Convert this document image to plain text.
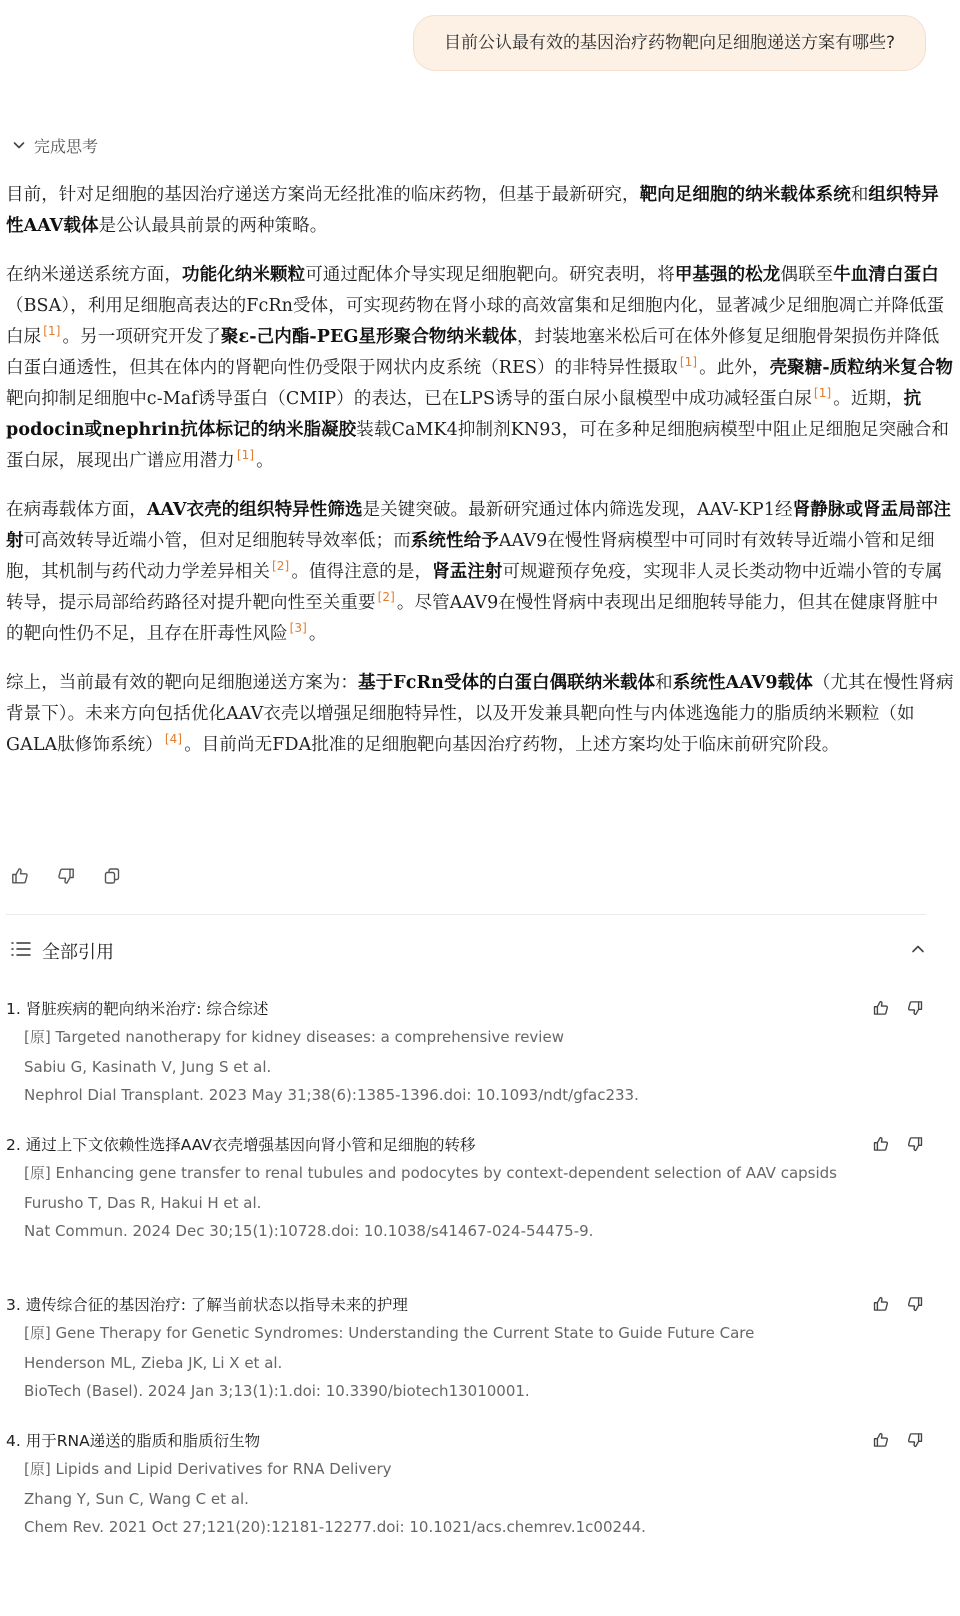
目前公认最有效的基因治疗药物靶向足细胞递送方案有哪些?
完成思考

目前，针对足细胞的基因治疗递送方案尚无经批准的临床药物，但基于最新研究，靶向足细胞的纳米载体系统和组织特异性AAV载体是公认最具前景的两种策略。

在纳米递送系统方面，功能化纳米颗粒可通过配体介导实现足细胞靶向。研究表明，将甲基强的松龙偶联至牛血清白蛋白（BSA），利用足细胞高表达的FcRn受体，可实现药物在肾小球的高效富集和足细胞内化，显著减少足细胞凋亡并降低蛋白尿 [1] 。另一项研究开发了聚ε-己内酯-PEG星形聚合物纳米载体，封装地塞米松后可在体外修复足细胞骨架损伤并降低白蛋白通透性，但其在体内的肾靶向性仍受限于网状内皮系统（RES）的非特异性摄取 [1] 。此外，壳聚糖-质粒纳米复合物靶向抑制足细胞中c-Maf诱导蛋白（CMIP）的表达，已在LPS诱导的蛋白尿小鼠模型中成功减轻蛋白尿 [1] 。近期，抗podocin或nephrin抗体标记的纳米脂凝胶装载CaMK4抑制剂KN93，可在多种足细胞病模型中阻止足细胞足突融合和蛋白尿，展现出广谱应用潜力 [1] 。

在病毒载体方面，AAV衣壳的组织特异性筛选是关键突破。最新研究通过体内筛选发现，AAV-KP1经肾静脉或肾盂局部注射可高效转导近端小管，但对足细胞转导效率低；而系统性给予AAV9在慢性肾病模型中可同时有效转导近端小管和足细胞，其机制与药代动力学差异相关 [2] 。值得注意的是，肾盂注射可规避预存免疫，实现非人灵长类动物中近端小管的专属转导，提示局部给药路径对提升靶向性至关重要 [2] 。尽管AAV9在慢性肾病中表现出足细胞转导能力，但其在健康肾脏中的靶向性仍不足，且存在肝毒性风险 [3] 。

综上，当前最有效的靶向足细胞递送方案为：基于FcRn受体的白蛋白偶联纳米载体和系统性AAV9载体（尤其在慢性肾病背景下）。未来方向包括优化AAV衣壳以增强足细胞特异性，以及开发兼具靶向性与内体逃逸能力的脂质纳米颗粒（如GALA肽修饰系统） [4] 。目前尚无FDA批准的足细胞靶向基因治疗药物，上述方案均处于临床前研究阶段。

全部引用
1. 肾脏疾病的靶向纳米治疗: 综合综述
[原] Targeted nanotherapy for kidney diseases: a comprehensive review
Sabiu G, Kasinath V, Jung S et al.
Nephrol Dial Transplant. 2023 May 31;38(6):1385-1396.doi: 10.1093/ndt/gfac233.
2. 通过上下文依赖性选择AAV衣壳增强基因向肾小管和足细胞的转移
[原] Enhancing gene transfer to renal tubules and podocytes by context-dependent selection of AAV capsids
Furusho T, Das R, Hakui H et al.
Nat Commun. 2024 Dec 30;15(1):10728.doi: 10.1038/s41467-024-54475-9.
3. 遗传综合征的基因治疗: 了解当前状态以指导未来的护理
[原] Gene Therapy for Genetic Syndromes: Understanding the Current State to Guide Future Care
Henderson ML, Zieba JK, Li X et al.
BioTech (Basel). 2024 Jan 3;13(1):1.doi: 10.3390/biotech13010001.
4. 用于RNA递送的脂质和脂质衍生物
[原] Lipids and Lipid Derivatives for RNA Delivery
Zhang Y, Sun C, Wang C et al.
Chem Rev. 2021 Oct 27;121(20):12181-12277.doi: 10.1021/acs.chemrev.1c00244.
